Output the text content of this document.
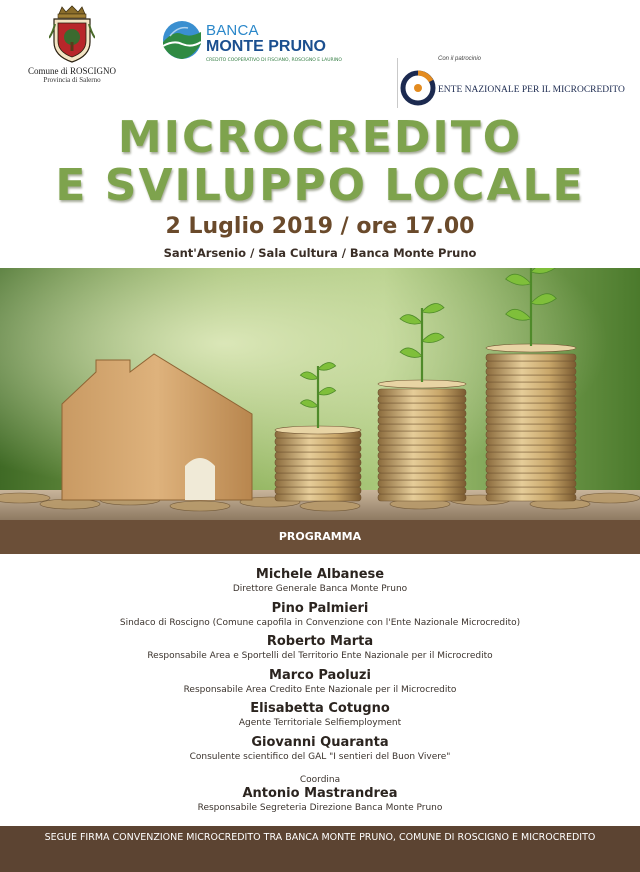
Comune di ROSCIGNO
Provincia di Salerno
BANCA
MONTE PRUNO
CREDITO COOPERATIVO DI FISCIANO, ROSCIGNO E LAURINO	Con il patrocinio
ENTE NAZIONALE PER IL MICROCREDITO
MICROCREDITO
E SVILUPPO LOCALE
2 Luglio 2019 / ore 17.00
Sant'Arsenio / Sala Cultura / Banca Monte Pruno
PROGRAMMA
Michele Albanese
Direttore Generale Banca Monte Pruno
Pino Palmieri
Sindaco di Roscigno (Comune capofila in Convenzione con l'Ente Nazionale Microcredito)
Roberto Marta
Responsabile Area e Sportelli del Territorio Ente Nazionale per il Microcredito
Marco Paoluzi
Responsabile Area Credito Ente Nazionale per il Microcredito
Elisabetta Cotugno
Agente Territoriale Selfiemployment
Giovanni Quaranta
Consulente scientifico del GAL "I sentieri del Buon Vivere"
Coordina
Antonio Mastrandrea
Responsabile Segreteria Direzione Banca Monte Pruno
SEGUE FIRMA CONVENZIONE MICROCREDITO TRA BANCA MONTE PRUNO, COMUNE DI ROSCIGNO E MICROCREDITO
